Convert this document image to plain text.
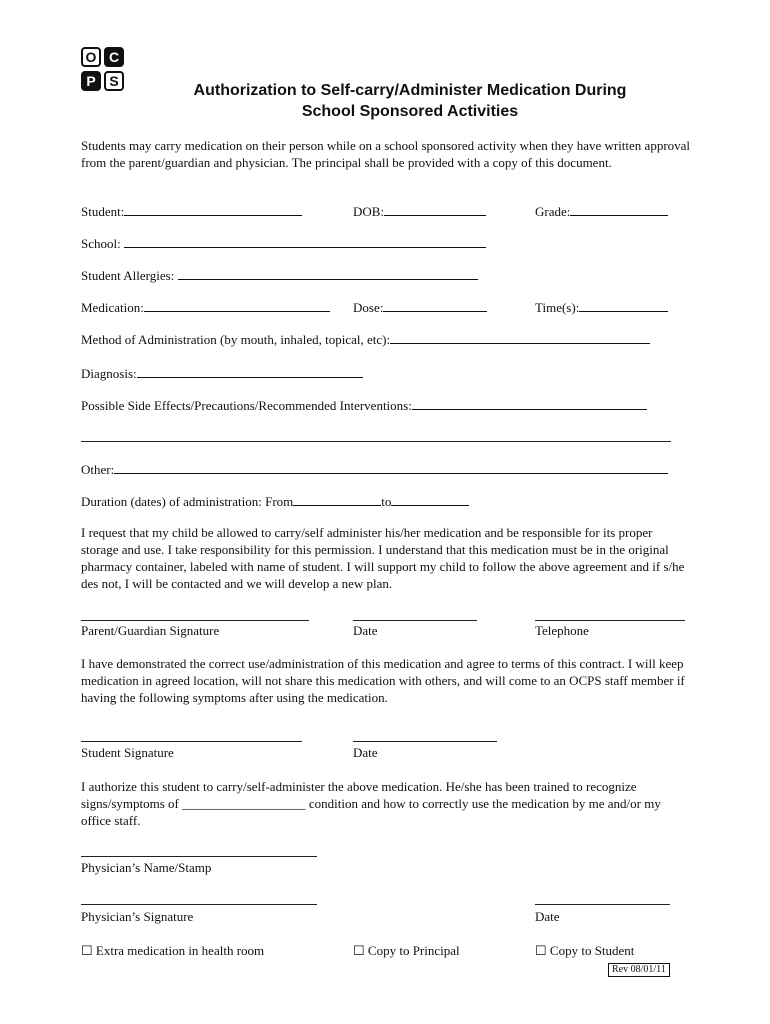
O C
P S
Authorization to Self-carry/Administer Medication During
School Sponsored Activities
Students may carry medication on their person while on a school sponsored activity when they have written approval from the parent/guardian and physician. The principal shall be provided with a copy of this document.
Student:	DOB:	Grade:
School:
Student Allergies:
Medication:	Dose:	Time(s):
Method of Administration (by mouth, inhaled, topical, etc):
Diagnosis:
Possible Side Effects/Precautions/Recommended Interventions:
Other:
Duration (dates) of administration: From	to
I request that my child be allowed to carry/self administer his/her medication and be responsible for its proper storage and use. I take responsibility for this permission. I understand that this medication must be in the original pharmacy container, labeled with name of student. I will support my child to follow the above agreement and if s/he des not, I will be contacted and we will develop a new plan.
Parent/Guardian Signature	Date	Telephone
I have demonstrated the correct use/administration of this medication and agree to terms of this contract. I will keep medication in agreed location, will not share this medication with others, and will come to an OCPS staff member if having the following symptoms after using the medication.
Student Signature	Date
I authorize this student to carry/self-administer the above medication. He/she has been trained to recognize signs/symptoms of ___________________ condition and how to correctly use the medication by me and/or my office staff.
Physician’s Name/Stamp
Physician’s Signature	Date
☐ Extra medication in health room	☐ Copy to Principal	☐ Copy to Student
Rev 08/01/11
